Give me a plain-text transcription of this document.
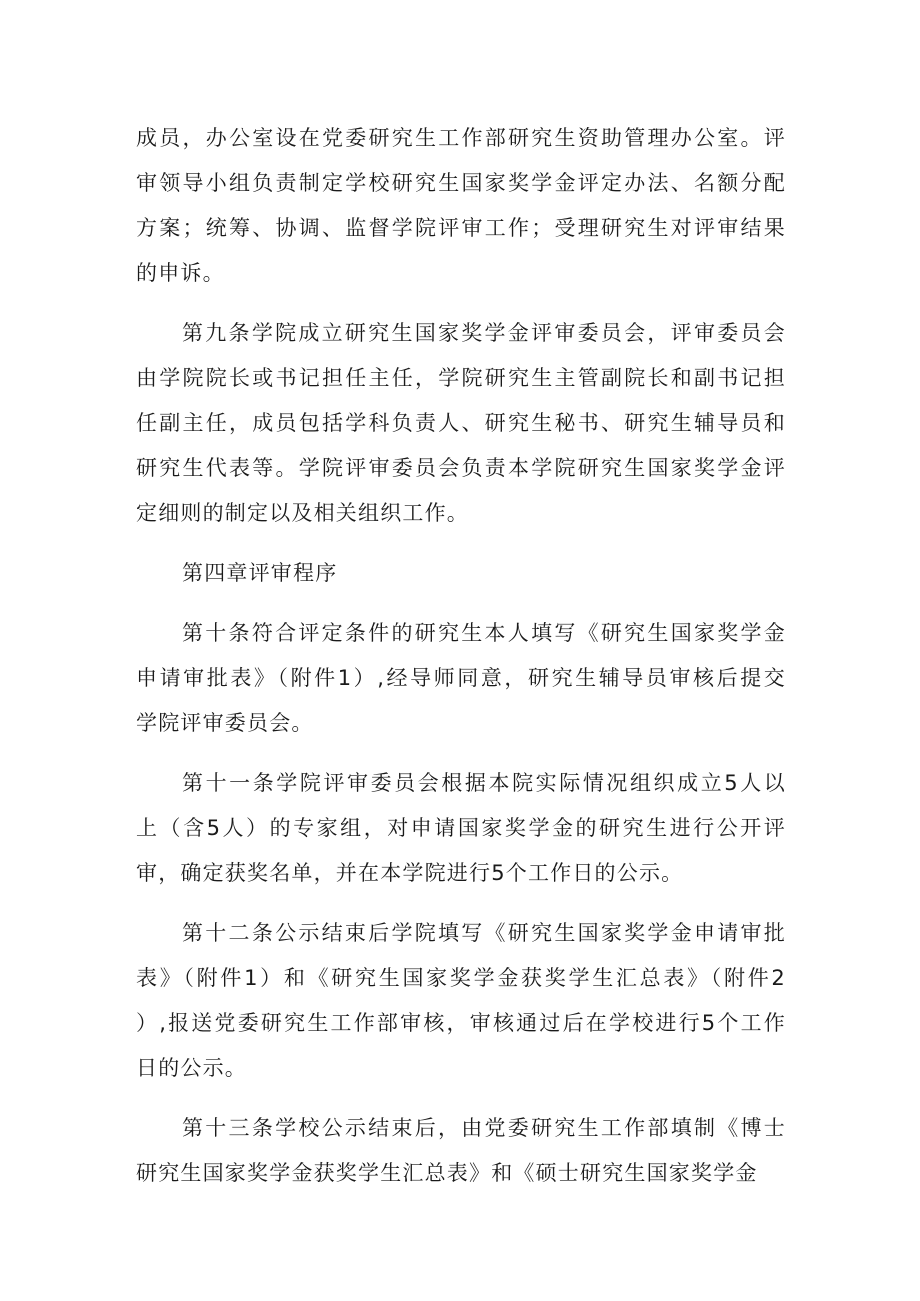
成员，办公室设在党委研究生工作部研究生资助管理办公室。评
审领导小组负责制定学校研究生国家奖学金评定办法、名额分配
方案；统筹、协调、监督学院评审工作；受理研究生对评审结果
的申诉。

第九条学院成立研究生国家奖学金评审委员会，评审委员会
由学院院长或书记担任主任，学院研究生主管副院长和副书记担
任副主任，成员包括学科负责人、研究生秘书、研究生辅导员和
研究生代表等。学院评审委员会负责本学院研究生国家奖学金评
定细则的制定以及相关组织工作。

第四章评审程序

第十条符合评定条件的研究生本人填写《研究生国家奖学金
申请审批表》（附件1）,经导师同意，研究生辅导员审核后提交
学院评审委员会。

第十一条学院评审委员会根据本院实际情况组织成立5人以
上（含5人）的专家组，对申请国家奖学金的研究生进行公开评
审，确定获奖名单，并在本学院进行5个工作日的公示。

第十二条公示结束后学院填写《研究生国家奖学金申请审批
表》（附件1）和《研究生国家奖学金获奖学生汇总表》（附件2
）,报送党委研究生工作部审核，审核通过后在学校进行5个工作
日的公示。

第十三条学校公示结束后，由党委研究生工作部填制《博士
研究生国家奖学金获奖学生汇总表》和《硕士研究生国家奖学金
